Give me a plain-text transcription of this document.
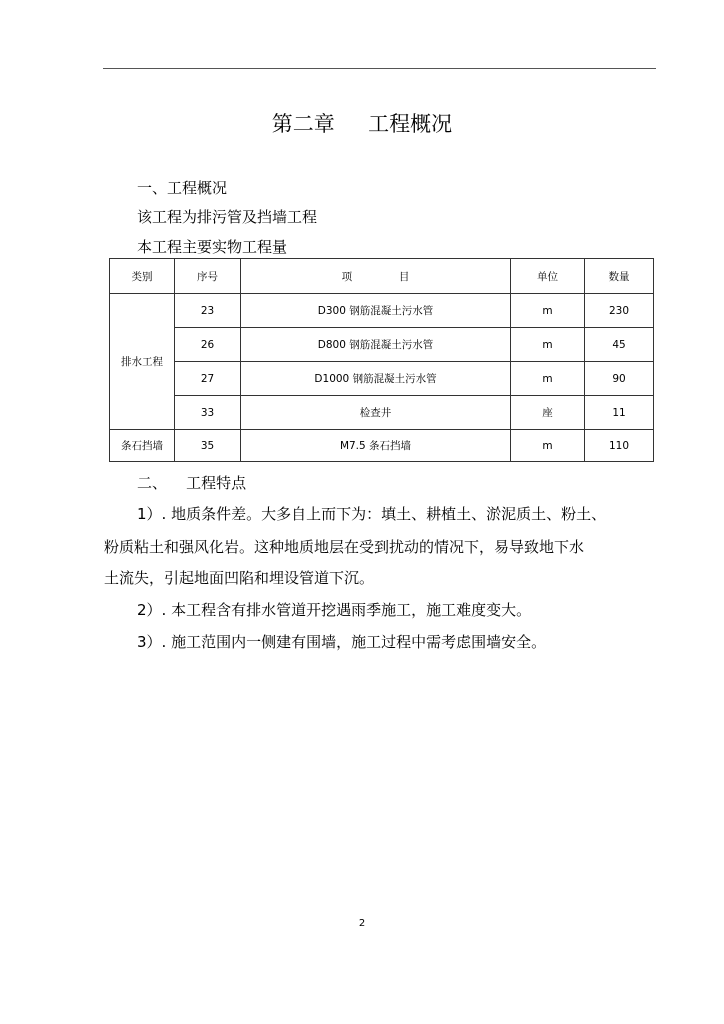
第二章     工程概况
一、工程概况
该工程为排污管及挡墙工程
本工程主要实物工程量
类别	序号	项              目	单位	数量
排水工程	23	D300 钢筋混凝土污水管	m	230
	26	D800 钢筋混凝土污水管	m	45
	27	D1000 钢筋混凝土污水管	m	90
	33	检查井	座	11
条石挡墙	35	M7.5 条石挡墙	m	110
二、    工程特点
1）. 地质条件差。大多自上而下为：填土、耕植土、淤泥质土、粉土、
粉质粘土和强风化岩。这种地质地层在受到扰动的情况下，易导致地下水
土流失，引起地面凹陷和埋设管道下沉。
2）. 本工程含有排水管道开挖遇雨季施工，施工难度变大。
3）. 施工范围内一侧建有围墙，施工过程中需考虑围墙安全。
2
